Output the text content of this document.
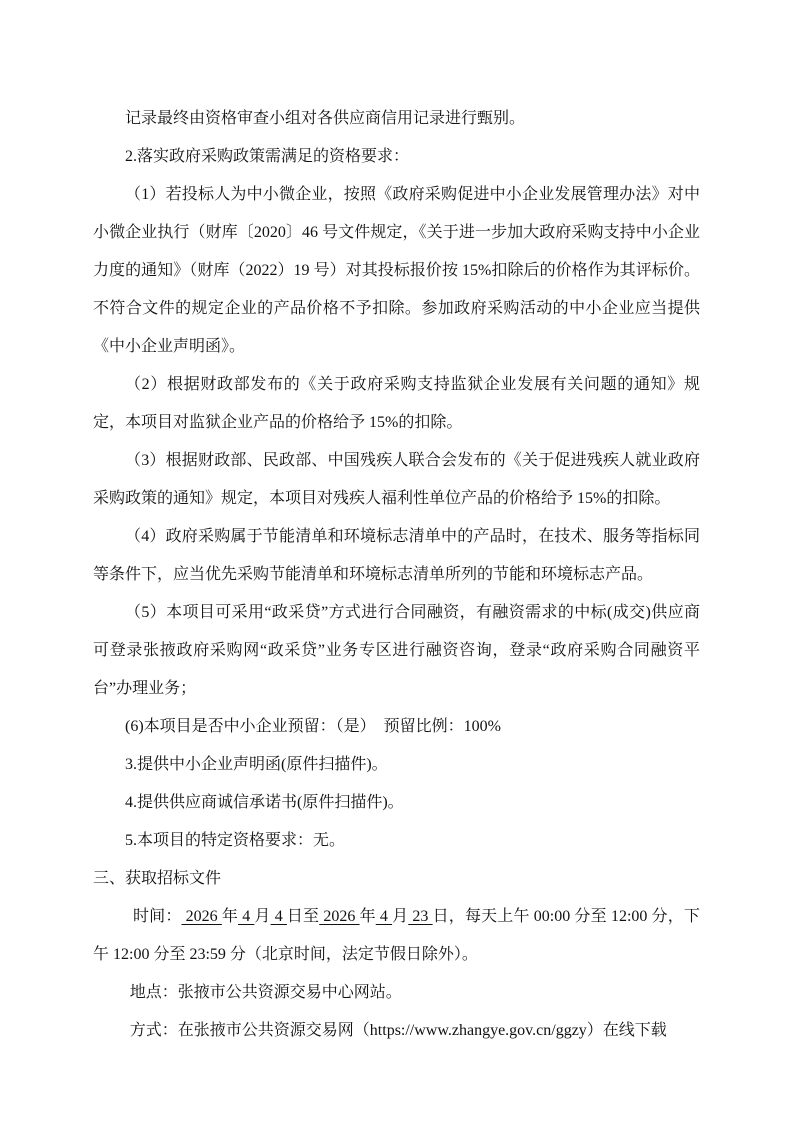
记录最终由资格审查小组对各供应商信用记录进行甄别。

2.落实政府采购政策需满足的资格要求：

（1）若投标人为中小微企业，按照《政府采购促进中小企业发展管理办法》对中小微企业执行（财库〔2020〕46 号文件规定，《关于进一步加大政府采购支持中小企业力度的通知》（财库（2022）19 号）对其投标报价按 15%扣除后的价格作为其评标价。不符合文件的规定企业的产品价格不予扣除。参加政府采购活动的中小企业应当提供《中小企业声明函》。

（2）根据财政部发布的《关于政府采购支持监狱企业发展有关问题的通知》规定，本项目对监狱企业产品的价格给予 15%的扣除。

（3）根据财政部、民政部、中国残疾人联合会发布的《关于促进残疾人就业政府采购政策的通知》规定，本项目对残疾人福利性单位产品的价格给予 15%的扣除。

（4）政府采购属于节能清单和环境标志清单中的产品时，在技术、服务等指标同等条件下，应当优先采购节能清单和环境标志清单所列的节能和环境标志产品。

（5）本项目可采用“政采贷”方式进行合同融资，有融资需求的中标(成交)供应商可登录张掖政府采购网“政采贷”业务专区进行融资咨询，登录“政府采购合同融资平台”办理业务；

(6)本项目是否中小企业预留：（是）  预留比例：100%

3.提供中小企业声明函(原件扫描件)。

4.提供供应商诚信承诺书(原件扫描件)。

5.本项目的特定资格要求：无。

三、获取招标文件

时间： 2026 年 4 月 4 日至 2026 年 4 月 23 日，每天上午 00:00 分至 12:00 分，下午 12:00 分至 23:59 分（北京时间，法定节假日除外）。

地点：张掖市公共资源交易中心网站。

方式：在张掖市公共资源交易网（https://www.zhangye.gov.cn/ggzy）在线下载
